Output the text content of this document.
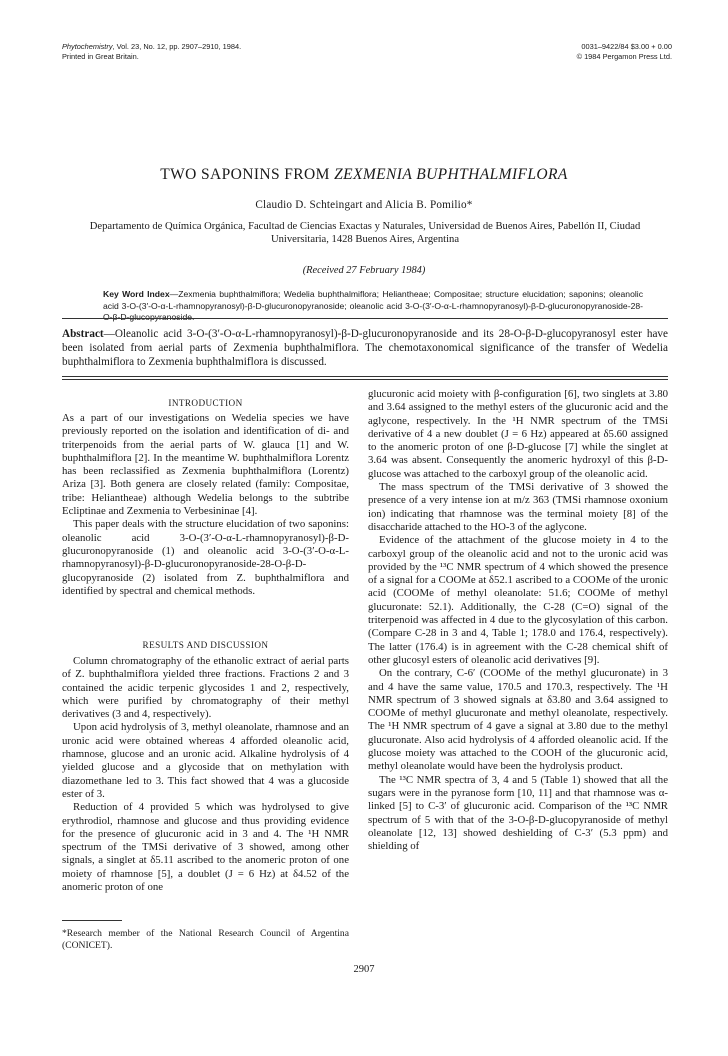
Phytochemistry, Vol. 23, No. 12, pp. 2907–2910, 1984.
Printed in Great Britain.
0031–9422/84 $3.00 + 0.00
© 1984 Pergamon Press Ltd.
TWO SAPONINS FROM ZEXMENIA BUPHTHALMIFLORA
Claudio D. Schteingart and Alicia B. Pomilio*
Departamento de Química Orgánica, Facultad de Ciencias Exactas y Naturales, Universidad de Buenos Aires, Pabellón II, Ciudad Universitaria, 1428 Buenos Aires, Argentina
(Received 27 February 1984)
Key Word Index—Zexmenia buphthalmiflora; Wedelia buphthalmiflora; Heliantheae; Compositae; structure elucidation; saponins; oleanolic acid 3-O-(3′-O-α-L-rhamnopyranosyl)-β-D-glucuronopyranoside; oleanolic acid 3-O-(3′-O-α-L-rhamnopyranosyl)-β-D-glucuronopyranoside-28-O-β-D-glucopyranoside.
Abstract—Oleanolic acid 3-O-(3′-O-α-L-rhamnopyranosyl)-β-D-glucuronopyranoside and its 28-O-β-D-glucopyranosyl ester have been isolated from aerial parts of Zexmenia buphthalmiflora. The chemotaxonomical significance of the transfer of Wedelia buphthalmiflora to Zexmenia buphthalmiflora is discussed.
INTRODUCTION

As a part of our investigations on Wedelia species we have previously reported on the isolation and identification of di- and triterpenoids from the aerial parts of W. glauca [1] and W. buphthalmiflora [2]. In the meantime W. buphthalmiflora Lorentz has been reclassified as Zexmenia buphthalmiflora (Lorentz) Ariza [3]. Both genera are closely related (family: Compositae, tribe: Heliantheae) although Wedelia belongs to the subtribe Ecliptinae and Zexmenia to Verbesininae [4].

This paper deals with the structure elucidation of two saponins: oleanolic acid 3-O-(3′-O-α-L-rhamnopyranosyl)-β-D-glucuronopyranoside (1) and oleanolic acid 3-O-(3′-O-α-L-rhamnopyranosyl)-β-D-glucuronopyranoside-28-O-β-D-glucopyranoside (2) isolated from Z. buphthalmiflora and identified by spectral and chemical methods.

RESULTS AND DISCUSSION

Column chromatography of the ethanolic extract of aerial parts of Z. buphthalmiflora yielded three fractions. Fractions 2 and 3 contained the acidic terpenic glycosides 1 and 2, respectively, which were purified by chromatography of their methyl derivatives (3 and 4, respectively).

Upon acid hydrolysis of 3, methyl oleanolate, rhamnose and an uronic acid were obtained whereas 4 afforded oleanolic acid, rhamnose, glucose and an uronic acid. Alkaline hydrolysis of 4 yielded glucose and a glycoside that on methylation with diazomethane led to 3. This fact showed that 4 was a glucoside ester of 3.

Reduction of 4 provided 5 which was hydrolysed to give erythrodiol, rhamnose and glucose and thus providing evidence for the presence of glucuronic acid in 3 and 4. The ¹H NMR spectrum of the TMSi derivative of 3 showed, among other signals, a singlet at δ5.11 ascribed to the anomeric proton of one moiety of rhamnose [5], a doublet (J = 6 Hz) at δ4.52 of the anomeric proton of one

*Research member of the National Research Council of Argentina (CONICET).

glucuronic acid moiety with β-configuration [6], two singlets at 3.80 and 3.64 assigned to the methyl esters of the glucuronic acid and the aglycone, respectively. In the ¹H NMR spectrum of the TMSi derivative of 4 a new doublet (J = 6 Hz) appeared at δ5.60 assigned to the anomeric proton of one β-D-glucose [7] while the singlet at 3.64 was absent. Consequently the anomeric hydroxyl of this β-D-glucose was attached to the carboxyl group of the oleanolic acid.

The mass spectrum of the TMSi derivative of 3 showed the presence of a very intense ion at m/z 363 (TMSi rhamnose oxonium ion) indicating that rhamnose was the terminal moiety [8] of the disaccharide attached to the HO-3 of the aglycone.

Evidence of the attachment of the glucose moiety in 4 to the carboxyl group of the oleanolic acid and not to the uronic acid was provided by the ¹³C NMR spectrum of 4 which showed the presence of a signal for a COOMe at δ52.1 ascribed to a COOMe of the uronic acid (COOMe of methyl oleanolate: 51.6; COOMe of methyl glucuronate: 52.1). Additionally, the C-28 (C=O) signal of the triterpenoid was affected in 4 due to the glycosylation of this carbon. (Compare C-28 in 3 and 4, Table 1; 178.0 and 176.4, respectively). The latter (176.4) is in agreement with the C-28 chemical shift of other glucosyl esters of oleanolic acid derivatives [9].

On the contrary, C-6′ (COOMe of the methyl glucuronate) in 3 and 4 have the same value, 170.5 and 170.3, respectively. The ¹H NMR spectrum of 3 showed signals at δ3.80 and 3.64 assigned to COOMe of methyl glucuronate and methyl oleanolate, respectively. The ¹H NMR spectrum of 4 gave a signal at 3.80 due to the methyl glucuronate. Also acid hydrolysis of 4 afforded oleanolic acid. If the glucose moiety was attached to the COOH of the glucuronic acid, methyl oleanolate would have been the hydrolysis product.

The ¹³C NMR spectra of 3, 4 and 5 (Table 1) showed that all the sugars were in the pyranose form [10, 11] and that rhamnose was α-linked [5] to C-3′ of glucuronic acid. Comparison of the ¹³C NMR spectrum of 5 with that of the 3-O-β-D-glucopyranoside of methyl oleanolate [12, 13] showed deshielding of C-3′ (5.3 ppm) and shielding of

2907
